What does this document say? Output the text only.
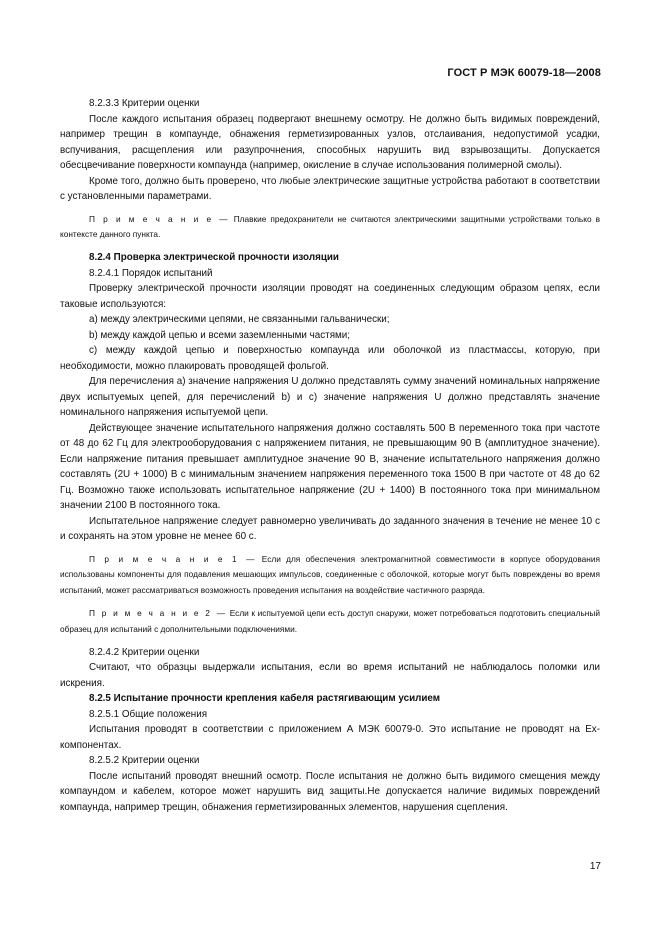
ГОСТ Р МЭК 60079-18—2008

8.2.3.3 Критерии оценки

После каждого испытания образец подвергают внешнему осмотру. Не должно быть видимых повреждений, например трещин в компаунде, обнажения герметизированных узлов, отслаивания, недопустимой усадки, вспучивания, расщепления или разупрочнения, способных нарушить вид взрывозащиты. Допускается обесцвечивание поверхности компаунда (например, окисление в случае использования полимерной смолы).

Кроме того, должно быть проверено, что любые электрические защитные устройства работают в соответствии с установленными параметрами.

П р и м е ч а н и е — Плавкие предохранители не считаются электрическими защитными устройствами только в контексте данного пункта.

8.2.4 Проверка электрической прочности изоляции

8.2.4.1 Порядок испытаний

Проверку электрической прочности изоляции проводят на соединенных следующим образом цепях, если таковые используются:

а) между электрическими цепями, не связанными гальванически;

b) между каждой цепью и всеми заземленными частями;

с) между каждой цепью и поверхностью компаунда или оболочкой из пластмассы, которую, при необходимости, можно плакировать проводящей фольгой.

Для перечисления а) значение напряжения U должно представлять сумму значений номинальных напряжение двух испытуемых цепей, для перечислений b) и с) значение напряжения U должно представлять значение номинального напряжения испытуемой цепи.

Действующее значение испытательного напряжения должно составлять 500 В переменного тока при частоте от 48 до 62 Гц для электрооборудования с напряжением питания, не превышающим 90 В (амплитудное значение). Если напряжение питания превышает амплитудное значение 90 В, значение испытательного напряжения должно составлять (2U + 1000) В с минимальным значением напряжения переменного тока 1500 В при частоте от 48 до 62 Гц. Возможно также использовать испытательное напряжение (2U + 1400) В постоянного тока при минимальном значении 2100 В постоянного тока.

Испытательное напряжение следует равномерно увеличивать до заданного значения в течение не менее 10 с и сохранять на этом уровне не менее 60 с.

П р и м е ч а н и е 1 — Если для обеспечения электромагнитной совместимости в корпусе оборудования использованы компоненты для подавления мешающих импульсов, соединенные с оболочкой, которые могут быть повреждены во время испытаний, может рассматриваться возможность проведения испытания на воздействие частичного разряда.

П р и м е ч а н и е 2 — Если к испытуемой цепи есть доступ снаружи, может потребоваться подготовить специальный образец для испытаний с дополнительными подключениями.

8.2.4.2 Критерии оценки

Считают, что образцы выдержали испытания, если во время испытаний не наблюдалось поломки или искрения.

8.2.5 Испытание прочности крепления кабеля растягивающим усилием

8.2.5.1 Общие положения

Испытания проводят в соответствии с приложением А МЭК 60079-0. Это испытание не проводят на Ex-компонентах.

8.2.5.2 Критерии оценки

После испытаний проводят внешний осмотр. После испытания не должно быть видимого смещения между компаундом и кабелем, которое может нарушить вид защиты.Не допускается наличие видимых повреждений компаунда, например трещин, обнажения герметизированных элементов, нарушения сцепления.

17
